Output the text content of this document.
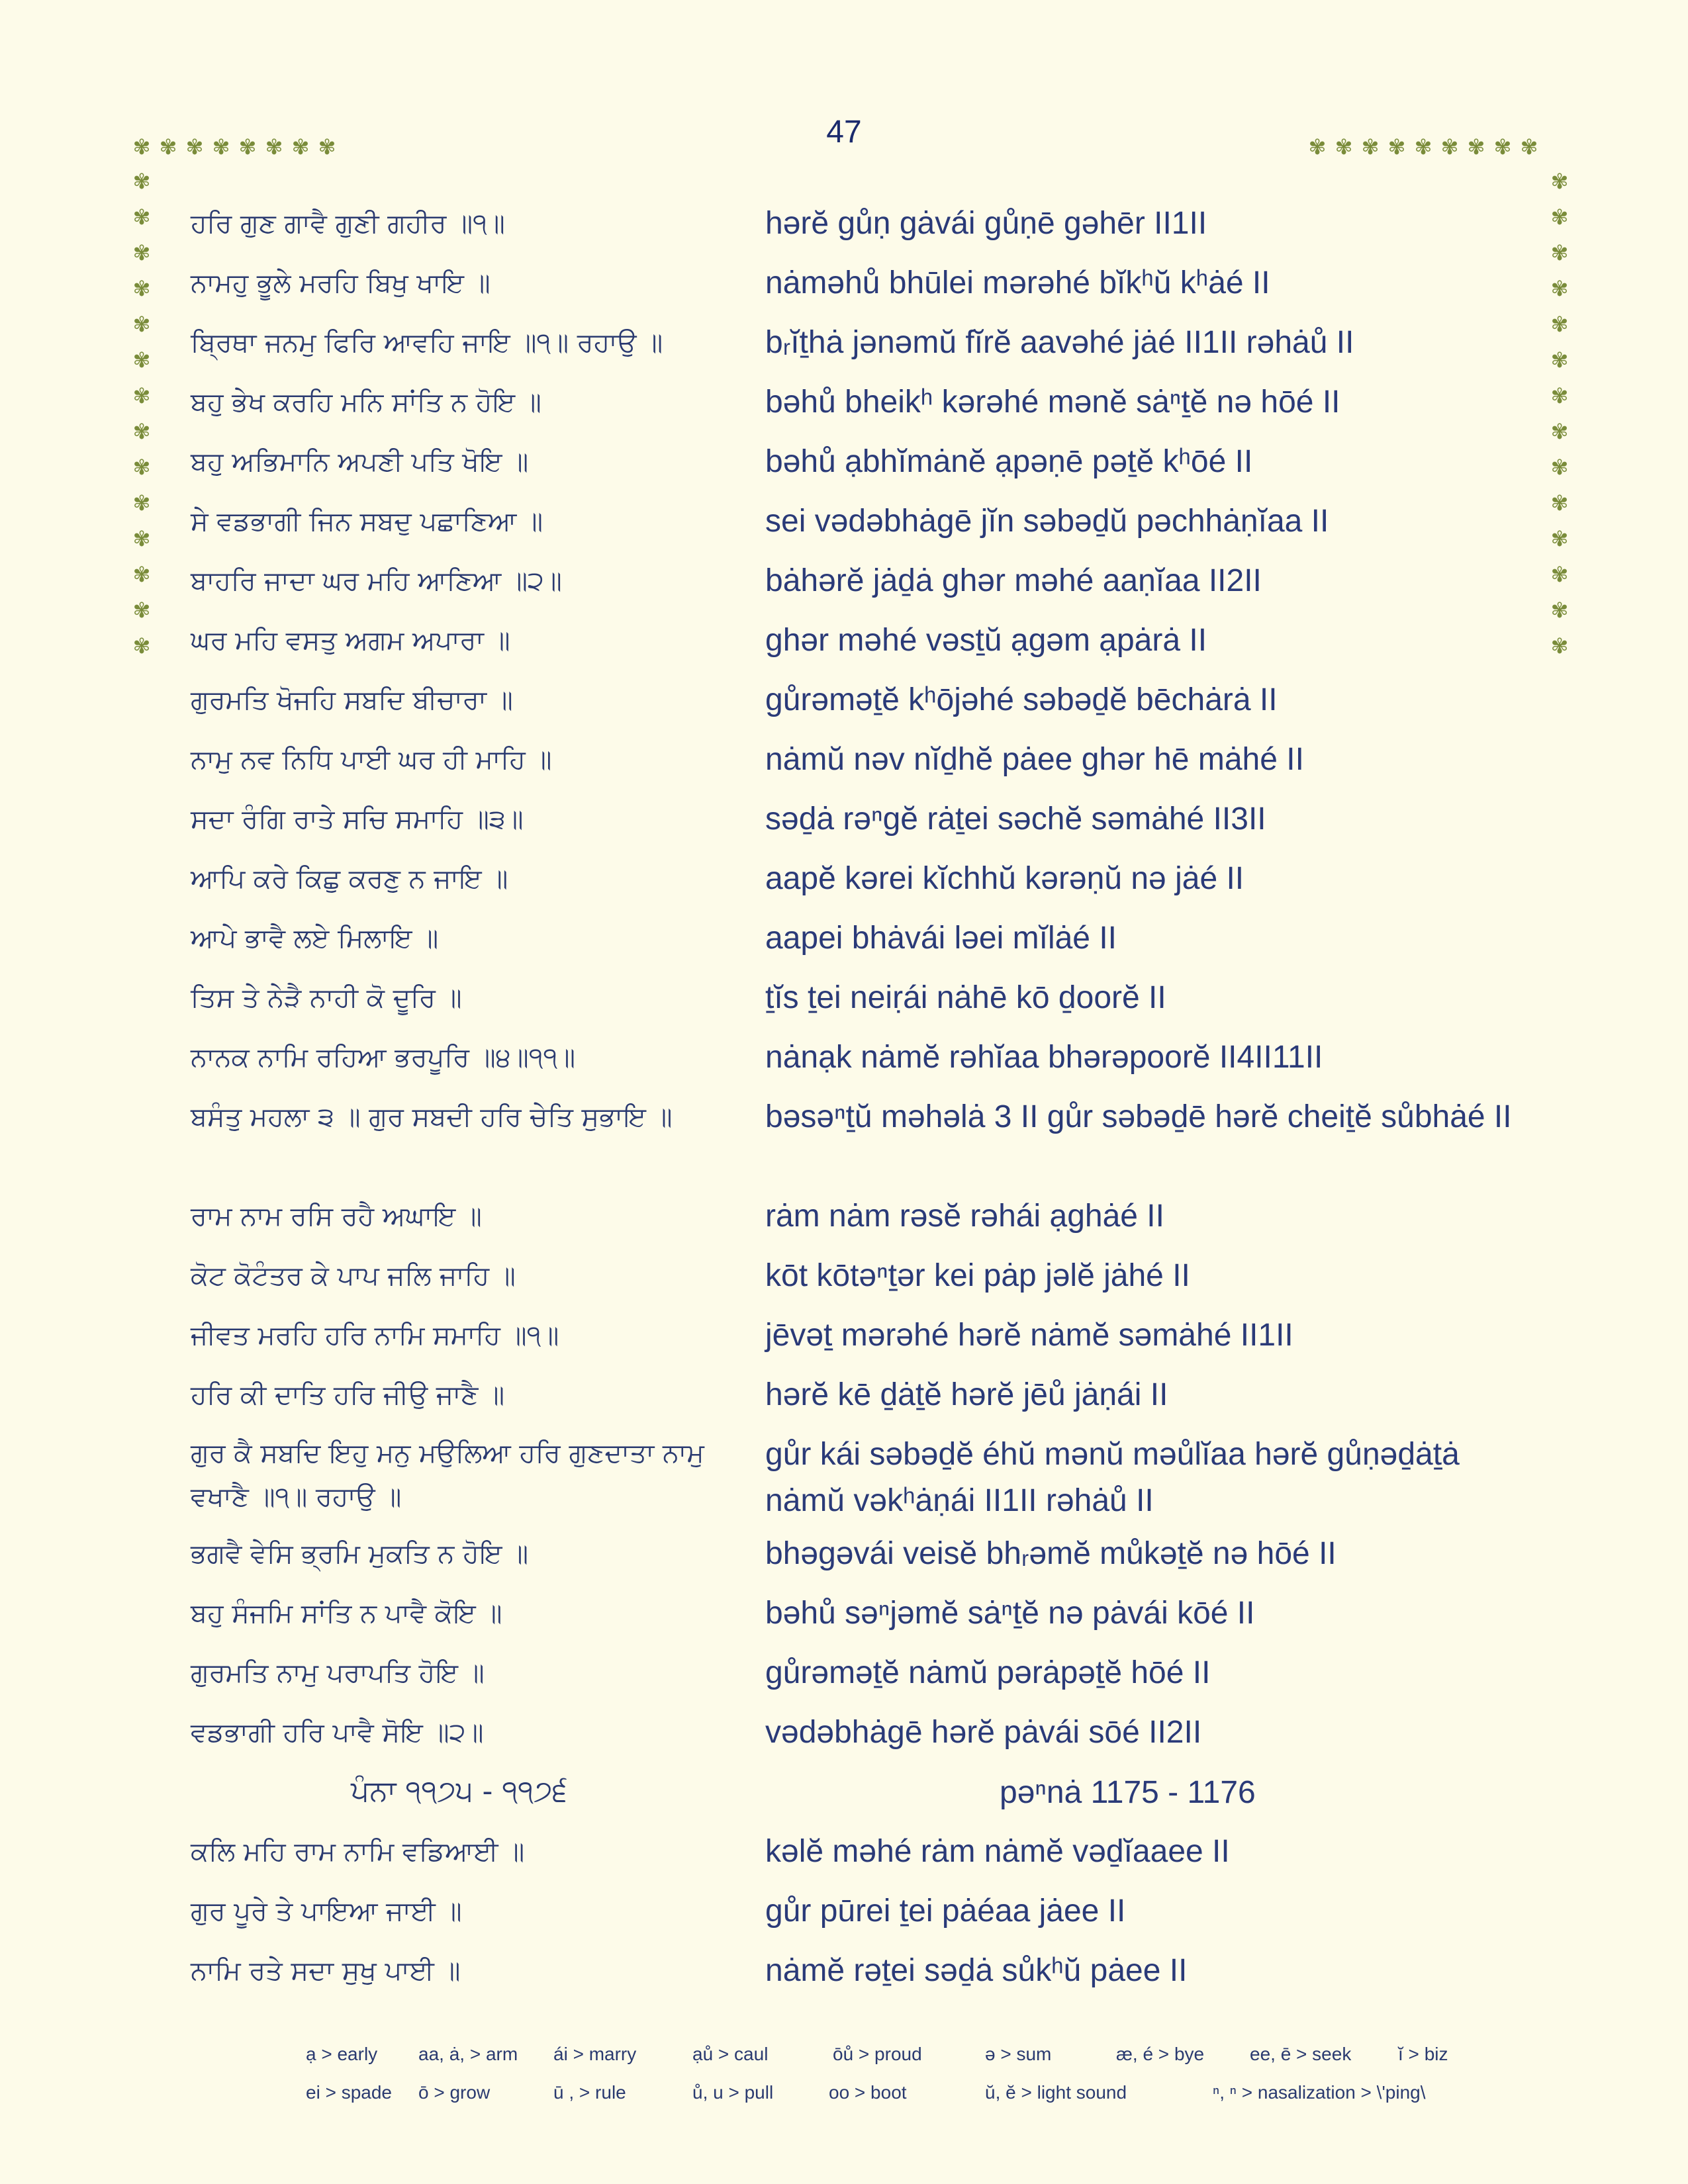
47
✾ ✾ ✾ ✾ ✾ ✾ ✾ ✾	✾ ✾ ✾ ✾ ✾ ✾ ✾ ✾ ✾
✾
✾
✾
✾
✾
✾
✾
✾
✾
✾
✾
✾
✾
✾
✾
✾
✾
✾
✾
✾
✾
✾
✾
✾
✾
✾
✾
✾
ਹਰਿ ਗੁਣ ਗਾਵੈ ਗੁਣੀ ਗਹੀਰ ॥੧॥	hərĕ gůṇ gȧvái gůṇē gəhēr II1II
ਨਾਮਹੁ ਭੂਲੇ ਮਰਹਿ ਬਿਖੁ ਖਾਇ ॥	nȧməhů bhūlei mərəhé bĭkʰŭ kʰȧé II
ਬ੍ਰਿਥਾ ਜਨਮੁ ਫਿਰਿ ਆਵਹਿ ਜਾਇ ॥੧॥ ਰਹਾਉ ॥	bᵣĭṯhȧ jənəmŭ fĭrĕ aavəhé jȧé II1II rəhȧů II
ਬਹੁ ਭੇਖ ਕਰਹਿ ਮਨਿ ਸਾਂਤਿ ਨ ਹੋਇ ॥	bəhů bheikʰ kərəhé mənĕ sȧⁿṯĕ nə hōé II
ਬਹੁ ਅਭਿਮਾਨਿ ਅਪਣੀ ਪਤਿ ਖੋਇ ॥	bəhů ạbhĭmȧnĕ ạpəṇē pəṯĕ kʰōé II
ਸੇ ਵਡਭਾਗੀ ਜਿਨ ਸਬਦੁ ਪਛਾਣਿਆ ॥	sei vədəbhȧgē jĭn səbəḏŭ pəchhȧṇĭaa II
ਬਾਹਰਿ ਜਾਦਾ ਘਰ ਮਹਿ ਆਣਿਆ ॥੨॥	bȧhərĕ jȧḏȧ ghər məhé aaṇĭaa II2II
ਘਰ ਮਹਿ ਵਸਤੁ ਅਗਮ ਅਪਾਰਾ ॥	ghər məhé vəsṯŭ ạgəm ạpȧrȧ II
ਗੁਰਮਤਿ ਖੋਜਹਿ ਸਬਦਿ ਬੀਚਾਰਾ ॥	gůrəməṯĕ kʰōjəhé səbəḏĕ bēchȧrȧ II
ਨਾਮੁ ਨਵ ਨਿਧਿ ਪਾਈ ਘਰ ਹੀ ਮਾਹਿ ॥	nȧmŭ nəv nĭḏhĕ pȧee ghər hē mȧhé II
ਸਦਾ ਰੰਗਿ ਰਾਤੇ ਸਚਿ ਸਮਾਹਿ ॥੩॥	səḏȧ rəⁿgĕ rȧṯei səchĕ səmȧhé II3II
ਆਪਿ ਕਰੇ ਕਿਛੁ ਕਰਣੁ ਨ ਜਾਇ ॥	aapĕ kərei kĭchhŭ kərəṇŭ nə jȧé II
ਆਪੇ ਭਾਵੈ ਲਏ ਮਿਲਾਇ ॥	aapei bhȧvái ləei mĭlȧé II
ਤਿਸ ਤੇ ਨੇੜੈ ਨਾਹੀ ਕੋ ਦੂਰਿ ॥	ṯĭs ṯei neiṛái nȧhē kō ḏoorĕ II
ਨਾਨਕ ਨਾਮਿ ਰਹਿਆ ਭਰਪੂਰਿ ॥੪॥੧੧॥	nȧnạk nȧmĕ rəhĭaa bhərəpoorĕ II4II11II
ਬਸੰਤੁ ਮਹਲਾ ੩ ॥ ਗੁਰ ਸਬਦੀ ਹਰਿ ਚੇਤਿ ਸੁਭਾਇ ॥	bəsəⁿṯŭ məhəlȧ 3 II gůr səbəḏē hərĕ cheiṯĕ sůbhȧé II
ਰਾਮ ਨਾਮ ਰਸਿ ਰਹੈ ਅਘਾਇ ॥	rȧm nȧm rəsĕ rəhái ạghȧé II
ਕੋਟ ਕੋਟੰਤਰ ਕੇ ਪਾਪ ਜਲਿ ਜਾਹਿ ॥	kōt kōtəⁿṯər kei pȧp jəlĕ jȧhé II
ਜੀਵਤ ਮਰਹਿ ਹਰਿ ਨਾਮਿ ਸਮਾਹਿ ॥੧॥	jēvəṯ mərəhé hərĕ nȧmĕ səmȧhé II1II
ਹਰਿ ਕੀ ਦਾਤਿ ਹਰਿ ਜੀਉ ਜਾਣੈ ॥	hərĕ kē ḏȧṯĕ hərĕ jēů jȧṇái II
ਗੁਰ ਕੈ ਸਬਦਿ ਇਹੁ ਮਨੁ ਮਉਲਿਆ ਹਰਿ ਗੁਣਦਾਤਾ ਨਾਮੁ ਵਖਾਣੈ ॥੧॥ ਰਹਾਉ ॥
gůr kái səbəḏĕ éhŭ mənŭ məůlĭaa hərĕ gůṇəḏȧṯȧ nȧmŭ vəkʰȧṇái II1II rəhȧů II
ਭਗਵੈ ਵੇਸਿ ਭ੍ਰਮਿ ਮੁਕਤਿ ਨ ਹੋਇ ॥	bhəgəvái veisĕ bhᵣəmĕ můkəṯĕ nə hōé II
ਬਹੁ ਸੰਜਮਿ ਸਾਂਤਿ ਨ ਪਾਵੈ ਕੋਇ ॥	bəhů səⁿjəmĕ sȧⁿṯĕ nə pȧvái kōé II
ਗੁਰਮਤਿ ਨਾਮੁ ਪਰਾਪਤਿ ਹੋਇ ॥	gůrəməṯĕ nȧmŭ pərȧpəṯĕ hōé II
ਵਡਭਾਗੀ ਹਰਿ ਪਾਵੈ ਸੋਇ ॥੨॥	vədəbhȧgē hərĕ pȧvái sōé II2II
ਪੰਨਾ ੧੧੭੫ - ੧੧੭੬	pəⁿnȧ 1175 - 1176
ਕਲਿ ਮਹਿ ਰਾਮ ਨਾਮਿ ਵਡਿਆਈ ॥	kəlĕ məhé rȧm nȧmĕ vəḏĭaaee II
ਗੁਰ ਪੂਰੇ ਤੇ ਪਾਇਆ ਜਾਈ ॥	gůr pūrei ṯei pȧéaa jȧee II
ਨਾਮਿ ਰਤੇ ਸਦਾ ਸੁਖੁ ਪਾਈ ॥	nȧmĕ rəṯei səḏȧ sůkʰŭ pȧee II
ạ > early aa, ȧ, > arm ái > marry	ạů > caul	ōů > proud	ə > sum	æ, é > bye ee, ē > seek	ĭ > biz
ei > spade ō > grow	ū , > rule	ů, u > pull	oo > boot	ŭ, ĕ > light sound	ⁿ, ⁿ > nasalization > \'ping\
